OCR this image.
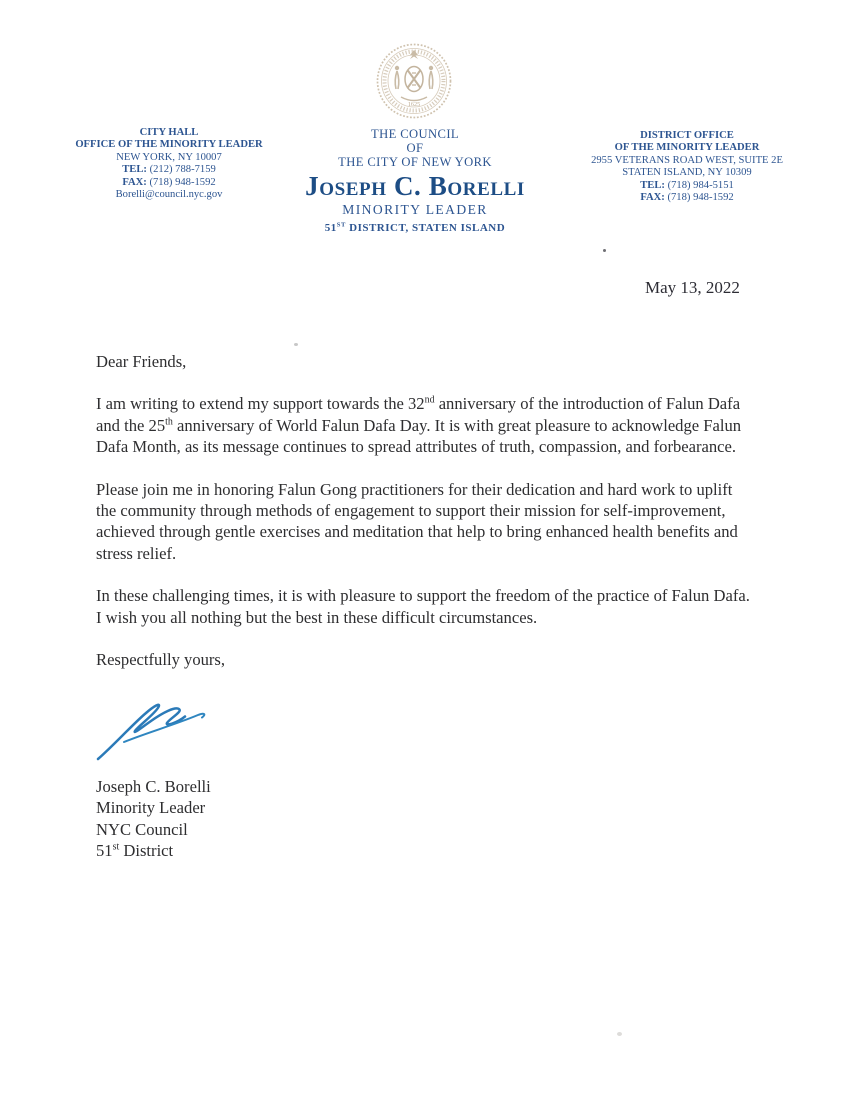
1625
CITY HALL
OFFICE OF THE MINORITY LEADER
NEW YORK, NY 10007
TEL: (212) 788-7159
FAX: (718) 948-1592
Borelli@council.nyc.gov
THE COUNCIL
OF
THE CITY OF NEW YORK
Joseph C. Borelli
MINORITY LEADER
51ST DISTRICT, STATEN ISLAND
DISTRICT OFFICE
OF THE MINORITY LEADER
2955 VETERANS ROAD WEST, SUITE 2E
STATEN ISLAND, NY 10309
TEL: (718) 984-5151
FAX: (718) 948-1592
May 13, 2022
Dear Friends,

I am writing to extend my support towards the 32nd anniversary of the introduction of Falun Dafa and the 25th anniversary of World Falun Dafa Day. It is with great pleasure to acknowledge Falun Dafa Month, as its message continues to spread attributes of truth, compassion, and forbearance.

Please join me in honoring Falun Gong practitioners for their dedication and hard work to uplift the community through methods of engagement to support their mission for self-improvement, achieved through gentle exercises and meditation that help to bring enhanced health benefits and stress relief.

In these challenging times, it is with pleasure to support the freedom of the practice of Falun Dafa. I wish you all nothing but the best in these difficult circumstances.

Respectfully yours,
Joseph C. Borelli
Minority Leader
NYC Council
51st District
